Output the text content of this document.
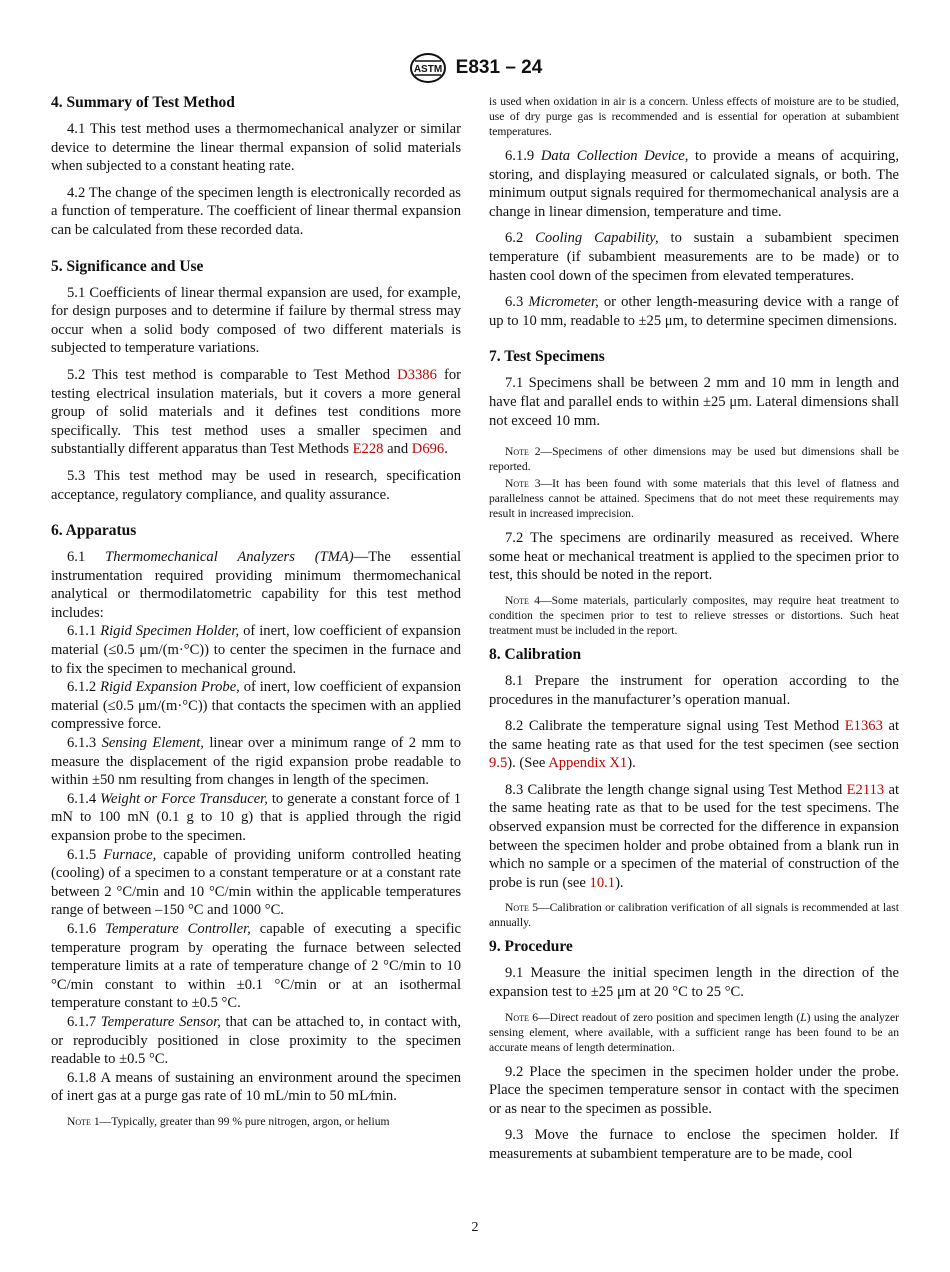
ASTM E831 – 24
4. Summary of Test Method

4.1 This test method uses a thermomechanical analyzer or similar device to determine the linear thermal expansion of solid materials when subjected to a constant heating rate.

4.2 The change of the specimen length is electronically recorded as a function of temperature. The coefficient of linear thermal expansion can be calculated from these recorded data.

5. Significance and Use

5.1 Coefficients of linear thermal expansion are used, for example, for design purposes and to determine if failure by thermal stress may occur when a solid body composed of two different materials is subjected to temperature variations.

5.2 This test method is comparable to Test Method D3386 for testing electrical insulation materials, but it covers a more general group of solid materials and it defines test conditions more specifically. This test method uses a smaller specimen and substantially different apparatus than Test Methods E228 and D696.

5.3 This test method may be used in research, specification acceptance, regulatory compliance, and quality assurance.

6. Apparatus

6.1 Thermomechanical Analyzers (TMA)—The essential instrumentation required providing minimum thermomechanical analytical or thermodilatometric capability for this test method includes:

6.1.1 Rigid Specimen Holder, of inert, low coefficient of expansion material (≤0.5 μm/(m·°C)) to center the specimen in the furnace and to fix the specimen to mechanical ground.

6.1.2 Rigid Expansion Probe, of inert, low coefficient of expansion material (≤0.5 μm/(m·°C)) that contacts the specimen with an applied compressive force.

6.1.3 Sensing Element, linear over a minimum range of 2 mm to measure the displacement of the rigid expansion probe readable to within ±50 nm resulting from changes in length of the specimen.

6.1.4 Weight or Force Transducer, to generate a constant force of 1 mN to 100 mN (0.1 g to 10 g) that is applied through the rigid expansion probe to the specimen.

6.1.5 Furnace, capable of providing uniform controlled heating (cooling) of a specimen to a constant temperature or at a constant rate between 2 °C/min and 10 °C/min within the applicable temperatures range of between –150 °C and 1000 °C.

6.1.6 Temperature Controller, capable of executing a specific temperature program by operating the furnace between selected temperature limits at a rate of temperature change of 2 °C/min to 10 °C/min constant to within ±0.1 °C/min or at an isothermal temperature constant to ±0.5 °C.

6.1.7 Temperature Sensor, that can be attached to, in contact with, or reproducibly positioned in close proximity to the specimen readable to ±0.5 °C.

6.1.8 A means of sustaining an environment around the specimen of inert gas at a purge gas rate of 10 mL/min to 50 mL⁄min.

Note 1—Typically, greater than 99 % pure nitrogen, argon, or helium

is used when oxidation in air is a concern. Unless effects of moisture are to be studied, use of dry purge gas is recommended and is essential for operation at subambient temperatures.

6.1.9 Data Collection Device, to provide a means of acquiring, storing, and displaying measured or calculated signals, or both. The minimum output signals required for thermomechanical analysis are a change in linear dimension, temperature and time.

6.2 Cooling Capability, to sustain a subambient specimen temperature (if subambient measurements are to be made) or to hasten cool down of the specimen from elevated temperatures.

6.3 Micrometer, or other length-measuring device with a range of up to 10 mm, readable to ±25 μm, to determine specimen dimensions.

7. Test Specimens

7.1 Specimens shall be between 2 mm and 10 mm in length and have flat and parallel ends to within ±25 μm. Lateral dimensions shall not exceed 10 mm.

Note 2—Specimens of other dimensions may be used but dimensions shall be reported.

Note 3—It has been found with some materials that this level of flatness and parallelness cannot be attained. Specimens that do not meet these requirements may result in increased imprecision.

7.2 The specimens are ordinarily measured as received. Where some heat or mechanical treatment is applied to the specimen prior to test, this should be noted in the report.

Note 4—Some materials, particularly composites, may require heat treatment to condition the specimen prior to test to relieve stresses or distortions. Such heat treatment must be included in the report.

8. Calibration

8.1 Prepare the instrument for operation according to the procedures in the manufacturer’s operation manual.

8.2 Calibrate the temperature signal using Test Method E1363 at the same heating rate as that used for the test specimen (see section 9.5). (See Appendix X1).

8.3 Calibrate the length change signal using Test Method E2113 at the same heating rate as that to be used for the test specimens. The observed expansion must be corrected for the difference in expansion between the specimen holder and probe obtained from a blank run in which no sample or a specimen of the material of construction of the probe is run (see 10.1).

Note 5—Calibration or calibration verification of all signals is recommended at last annually.

9. Procedure

9.1 Measure the initial specimen length in the direction of the expansion test to ±25 μm at 20 °C to 25 °C.

Note 6—Direct readout of zero position and specimen length (L) using the analyzer sensing element, where available, with a sufficient range has been found to be an accurate means of length determination.

9.2 Place the specimen in the specimen holder under the probe. Place the specimen temperature sensor in contact with the specimen or as near to the specimen as possible.

9.3 Move the furnace to enclose the specimen holder. If measurements at subambient temperature are to be made, cool

2
